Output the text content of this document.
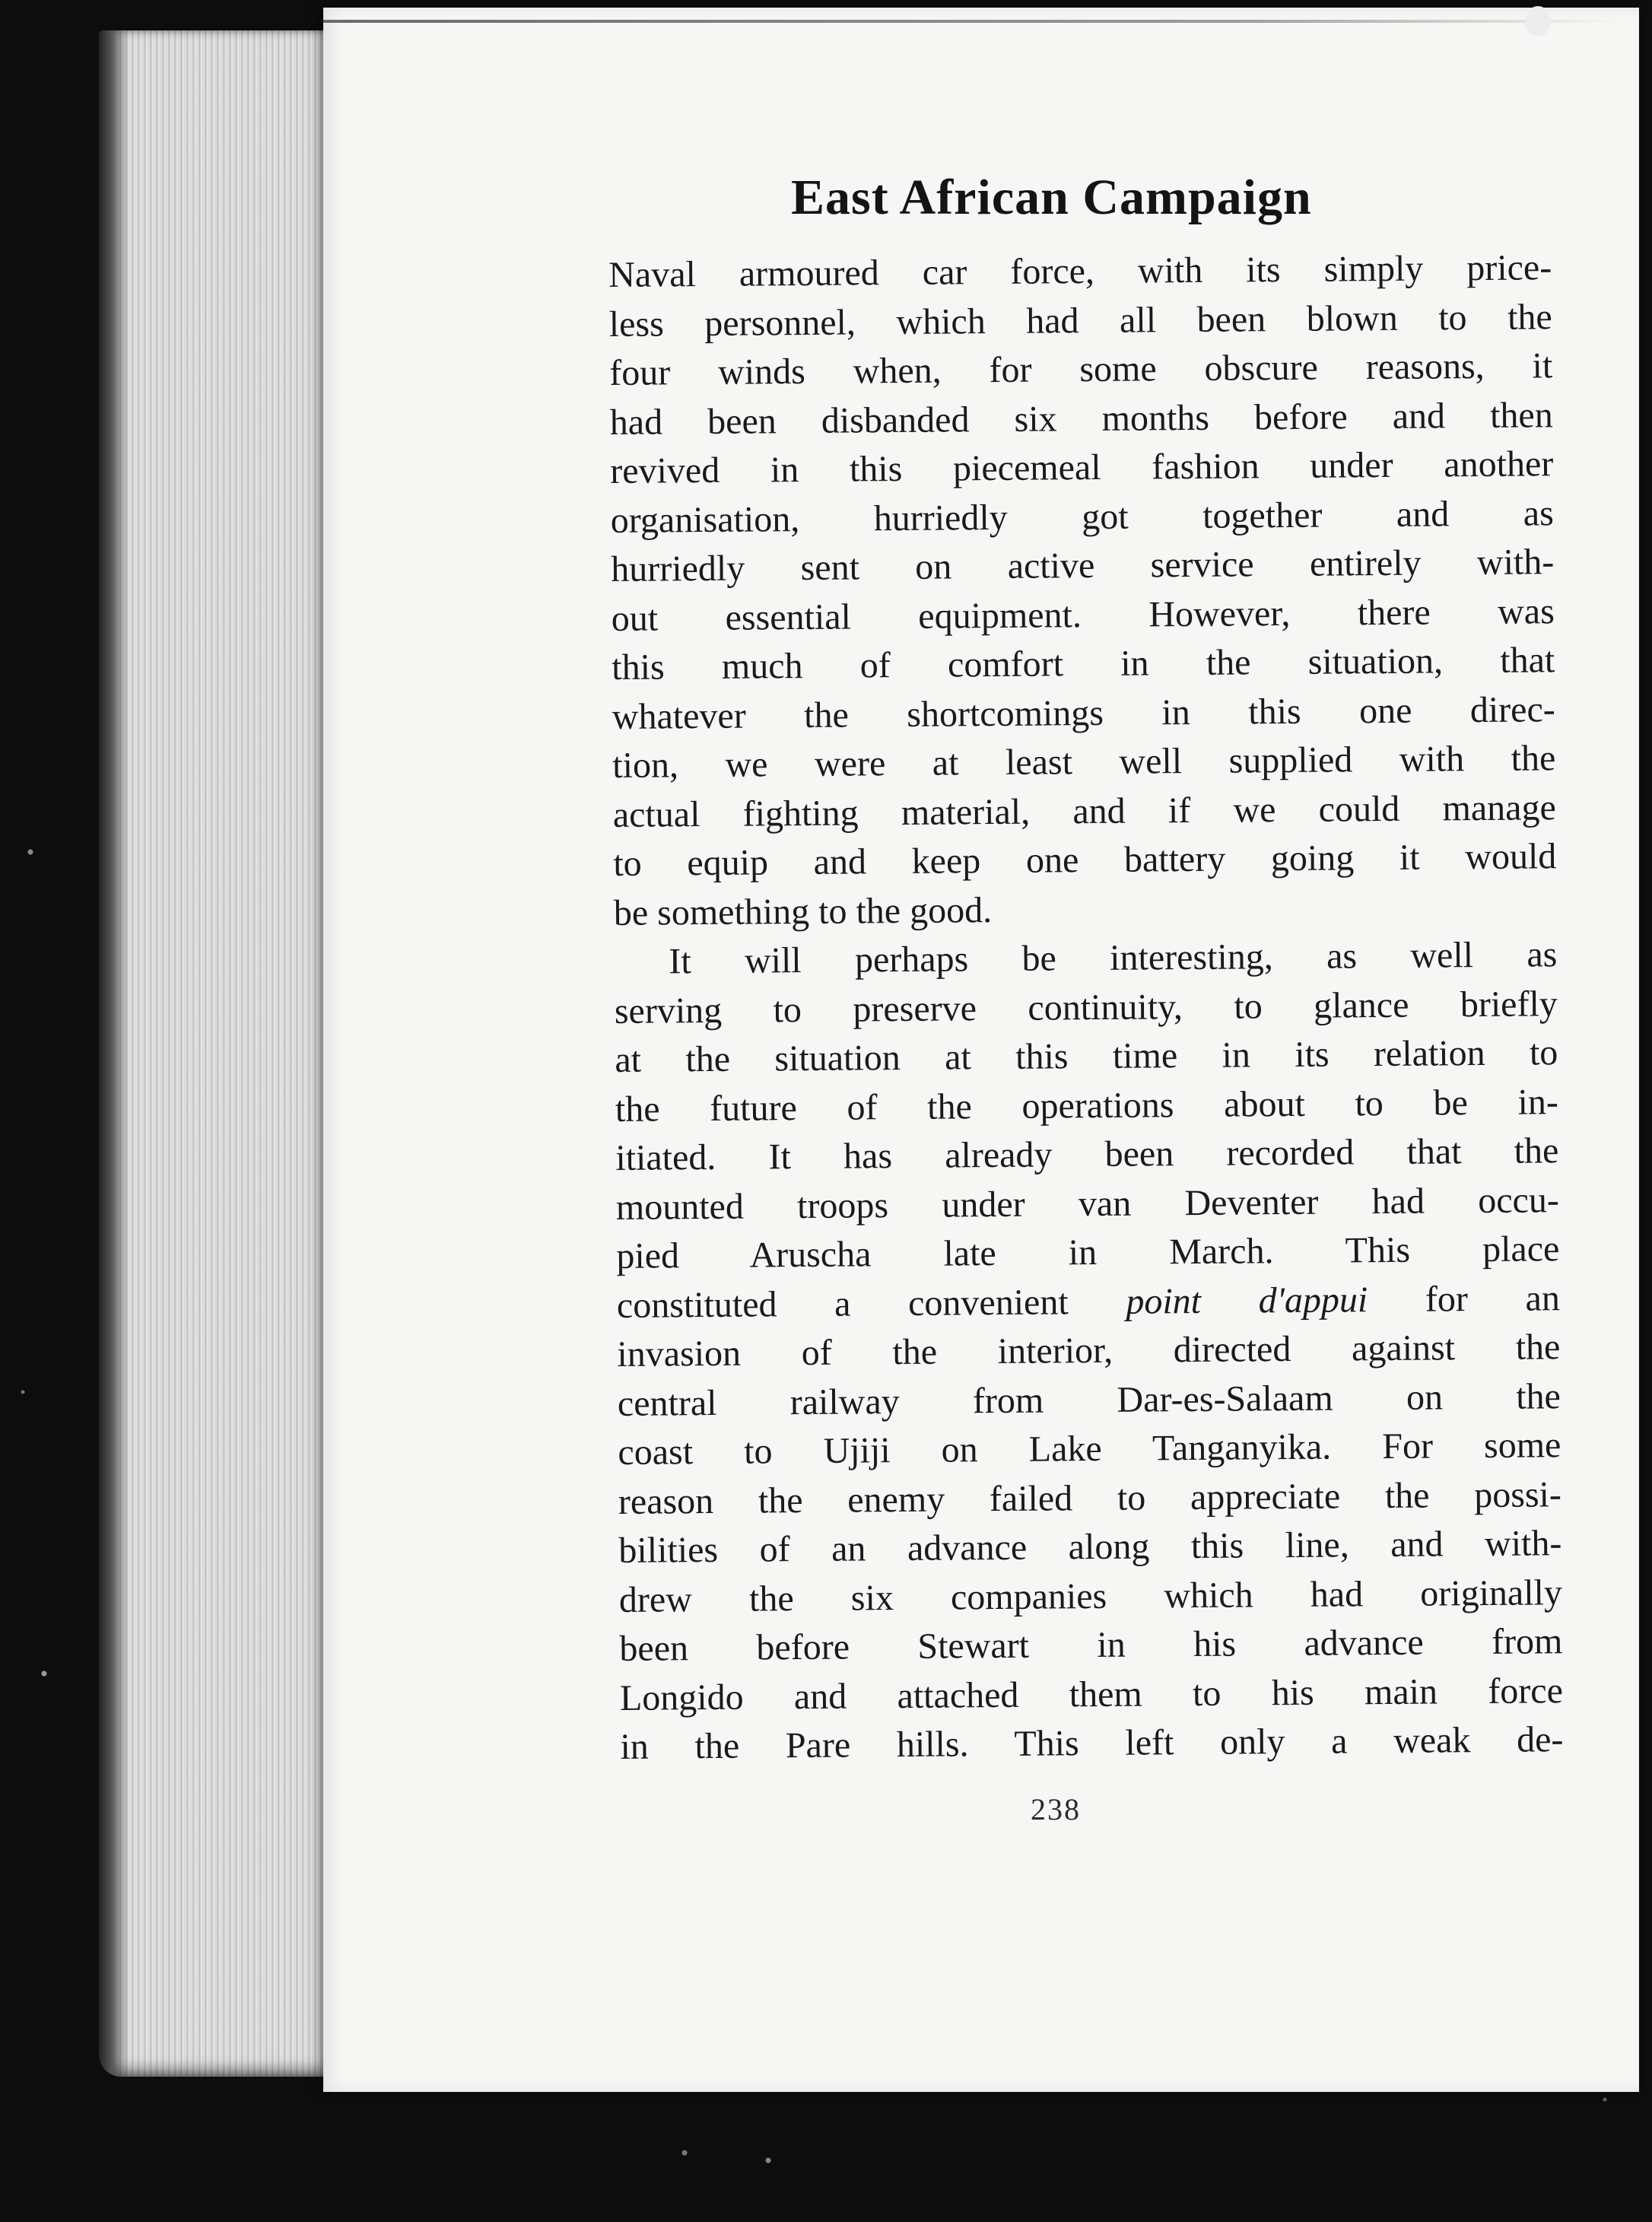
East African Campaign

Naval armoured car force, with its simply price-
less personnel, which had all been blown to the
four winds when, for some obscure reasons, it
had been disbanded six months before and then
revived in this piecemeal fashion under another
organisation, hurriedly got together and as
hurriedly sent on active service entirely with-
out essential equipment. However, there was
this much of comfort in the situation, that
whatever the shortcomings in this one direc-
tion, we were at least well supplied with the
actual fighting material, and if we could manage
to equip and keep one battery going it would
be something to the good.

It will perhaps be interesting, as well as
serving to preserve continuity, to glance briefly
at the situation at this time in its relation to
the future of the operations about to be in-
itiated. It has already been recorded that the
mounted troops under van Deventer had occu-
pied Aruscha late in March. This place
constituted a convenient point d'appui for an
invasion of the interior, directed against the
central railway from Dar-es-Salaam on the
coast to Ujiji on Lake Tanganyika. For some
reason the enemy failed to appreciate the possi-
bilities of an advance along this line, and with-
drew the six companies which had originally
been before Stewart in his advance from
Longido and attached them to his main force
in the Pare hills. This left only a weak de-

238
